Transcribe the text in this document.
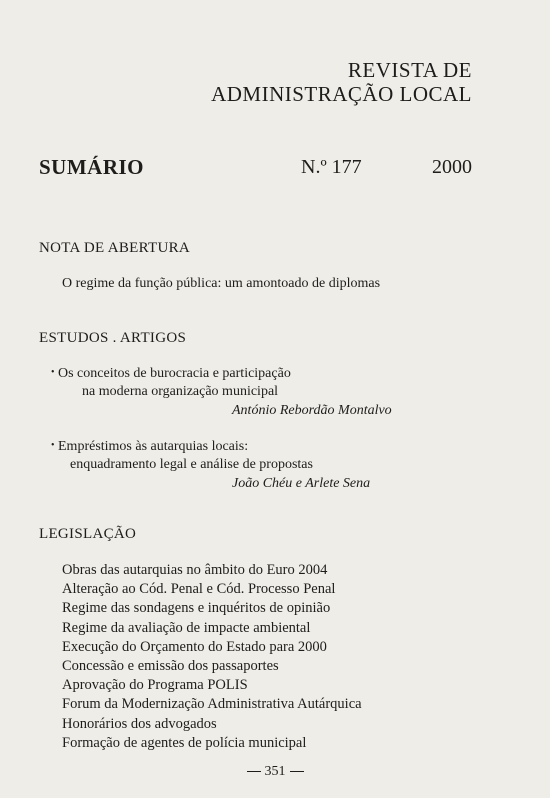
REVISTA DE
ADMINISTRAÇÃO LOCAL
SUMÁRIO	N.º 177	2000
NOTA DE ABERTURA
O regime da função pública: um amontoado de diplomas
ESTUDOS . ARTIGOS
• Os conceitos de burocracia e participação
na moderna organização municipal
António Rebordão Montalvo
• Empréstimos às autarquias locais:
enquadramento legal e análise de propostas
João Chéu e Arlete Sena
LEGISLAÇÃO
Obras das autarquias no âmbito do Euro 2004
Alteração ao Cód. Penal e Cód. Processo Penal
Regime das sondagens e inquéritos de opinião
Regime da avaliação de impacte ambiental
Execução do Orçamento do Estado para 2000
Concessão e emissão dos passaportes
Aprovação do Programa POLIS
Forum da Modernização Administrativa Autárquica
Honorários dos advogados
Formação de agentes de polícia municipal
351
